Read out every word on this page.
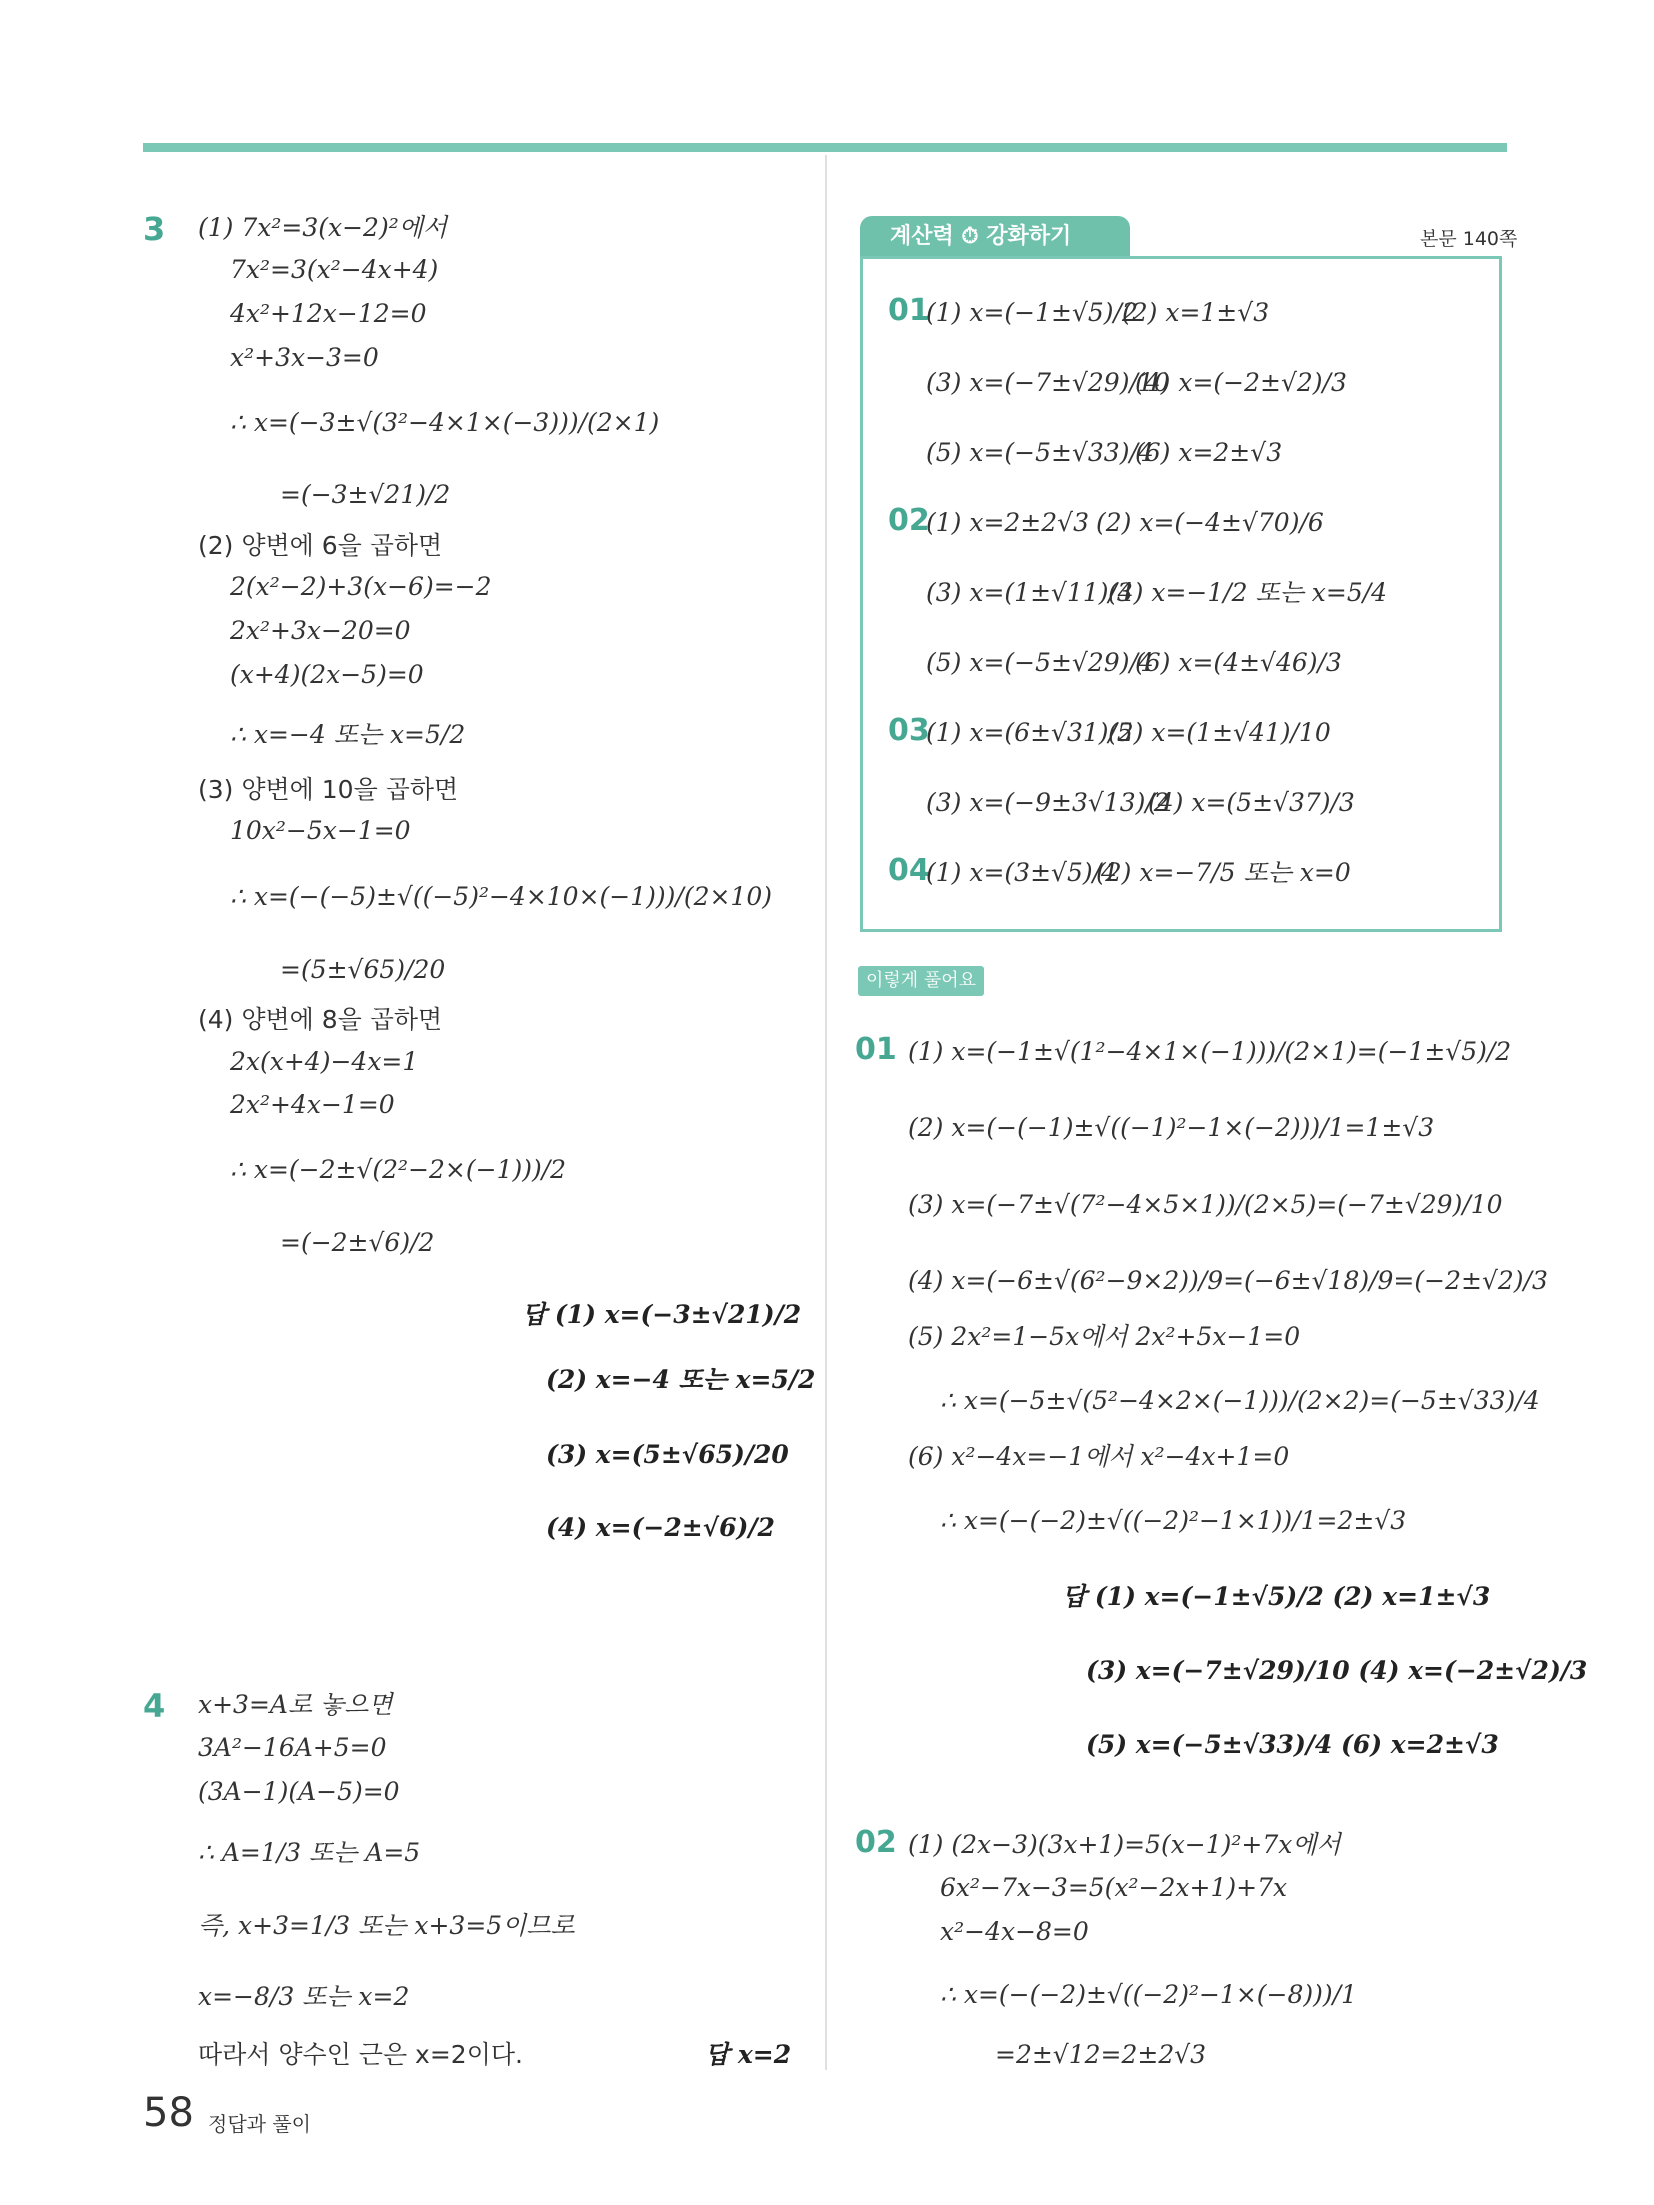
3 (1) 7x²=3(x−2)²에서
7x²=3(x²−4x+4)
4x²+12x−12=0
x²+3x−3=0
∴ x=(−3±√(3²−4×1×(−3)))/(2×1)
=(−3±√21)/2
(2) 양변에 6을 곱하면
2(x²−2)+3(x−6)=−2
2x²+3x−20=0
(x+4)(2x−5)=0
∴ x=−4 또는 x=5/2
(3) 양변에 10을 곱하면
10x²−5x−1=0
∴ x=(−(−5)±√((−5)²−4×10×(−1)))/(2×10)
=(5±√65)/20
(4) 양변에 8을 곱하면
2x(x+4)−4x=1
2x²+4x−1=0
∴ x=(−2±√(2²−2×(−1)))/2
=(−2±√6)/2
답 (1) x=(−3±√21)/2
(2) x=−4 또는 x=5/2
(3) x=(5±√65)/20
(4) x=(−2±√6)/2
4 x+3=A로 놓으면
3A²−16A+5=0
(3A−1)(A−5)=0
∴ A=1/3 또는 A=5
즉, x+3=1/3 또는 x+3=5이므로
x=−8/3 또는 x=2
따라서 양수인 근은 x=2이다.	답 x=2
계산력 ⏱ 강화하기	본문 140쪽
01
(1) x=(−1±√5)/2
(2) x=1±√3
(3) x=(−7±√29)/10
(4) x=(−2±√2)/3
(5) x=(−5±√33)/4
(6) x=2±√3
02
(1) x=2±2√3 (2) x=(−4±√70)/6
(3) x=(1±√11)/3
(4) x=−1/2 또는 x=5/4
(5) x=(−5±√29)/4
(6) x=(4±√46)/3
03
(1) x=(6±√31)/5
(2) x=(1±√41)/10
(3) x=(−9±3√13)/2
(4) x=(5±√37)/3
04
(1) x=(3±√5)/4
(2) x=−7/5 또는 x=0
이렇게 풀어요
01 (1) x=(−1±√(1²−4×1×(−1)))/(2×1)=(−1±√5)/2
(2) x=(−(−1)±√((−1)²−1×(−2)))/1=1±√3
(3) x=(−7±√(7²−4×5×1))/(2×5)=(−7±√29)/10
(4) x=(−6±√(6²−9×2))/9=(−6±√18)/9=(−2±√2)/3
(5) 2x²=1−5x에서 2x²+5x−1=0
∴ x=(−5±√(5²−4×2×(−1)))/(2×2)=(−5±√33)/4
(6) x²−4x=−1에서 x²−4x+1=0
∴ x=(−(−2)±√((−2)²−1×1))/1=2±√3
답 (1) x=(−1±√5)/2 (2) x=1±√3
(3) x=(−7±√29)/10 (4) x=(−2±√2)/3
(5) x=(−5±√33)/4 (6) x=2±√3
02 (1) (2x−3)(3x+1)=5(x−1)²+7x에서
6x²−7x−3=5(x²−2x+1)+7x
x²−4x−8=0
∴ x=(−(−2)±√((−2)²−1×(−8)))/1
=2±√12=2±2√3
58 정답과 풀이
